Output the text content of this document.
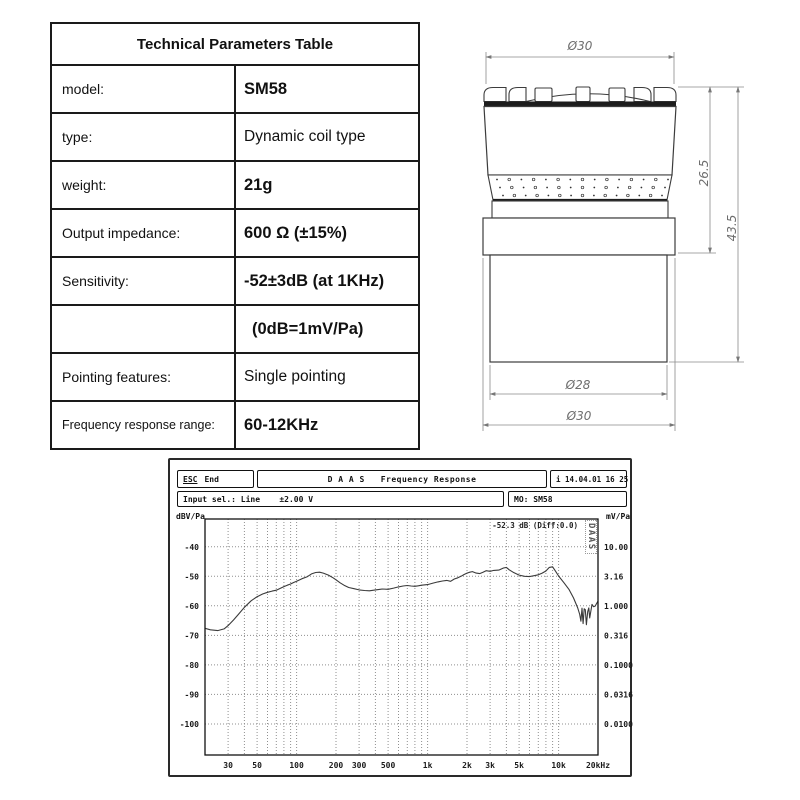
Technical Parameters Table	
model:	SM58
type:	Dynamic coil type
weight:	21g
Output impedance:	600 Ω (±15%)
Sensitivity:	-52±3dB (at 1KHz)
	(0dB=1mV/Pa)
Pointing features:	Single pointing
Frequency response range:	60-12KHz
Ø30
26.5
43.5
Ø28
Ø30
-40	10.00
-50	3.16
-60	1.000
-70	0.316
-80	0.1000
-90	0.0316
-100	0.0100
30 50	100	200 300 500	1k	2k 3k 5k	10k	20kHz
ESC End	D A A S   Frequency Response	i 14.04.01 16 25
Input sel.: Line    ±2.00 V	MO: SM58
dBV/Pa	mV/Pa
-52.3 dB (Diff:0.0) DAAS
